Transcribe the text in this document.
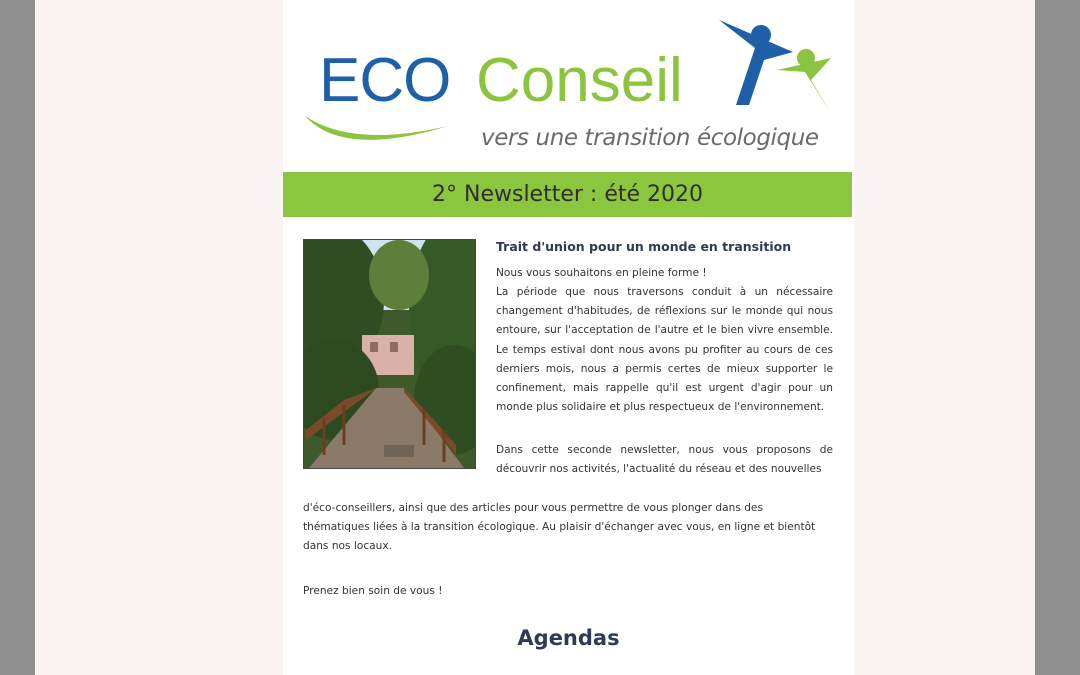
ECO Conseil
vers une transition écologique
2° Newsletter : été 2020
Trait d'union pour un monde en transition

Nous vous souhaitons en pleine forme !

La période que nous traversons conduit à un nécessaire changement d'habitudes, de réflexions sur le monde qui nous entoure, sur l'acceptation de l'autre et le bien vivre ensemble. Le temps estival dont nous avons pu profiter au cours de ces derniers mois, nous a permis certes de mieux supporter le confinement, mais rappelle qu'il est urgent d'agir pour un monde plus solidaire et plus respectueux de l'environnement.

Dans cette seconde newsletter, nous vous proposons de découvrir nos activités, l'actualité du réseau et des nouvelles

d'éco-conseillers, ainsi que des articles pour vous permettre de vous plonger dans des thématiques liées à la transition écologique. Au plaisir d'échanger avec vous, en ligne et bientôt dans nos locaux.

Prenez bien soin de vous !

Agendas
